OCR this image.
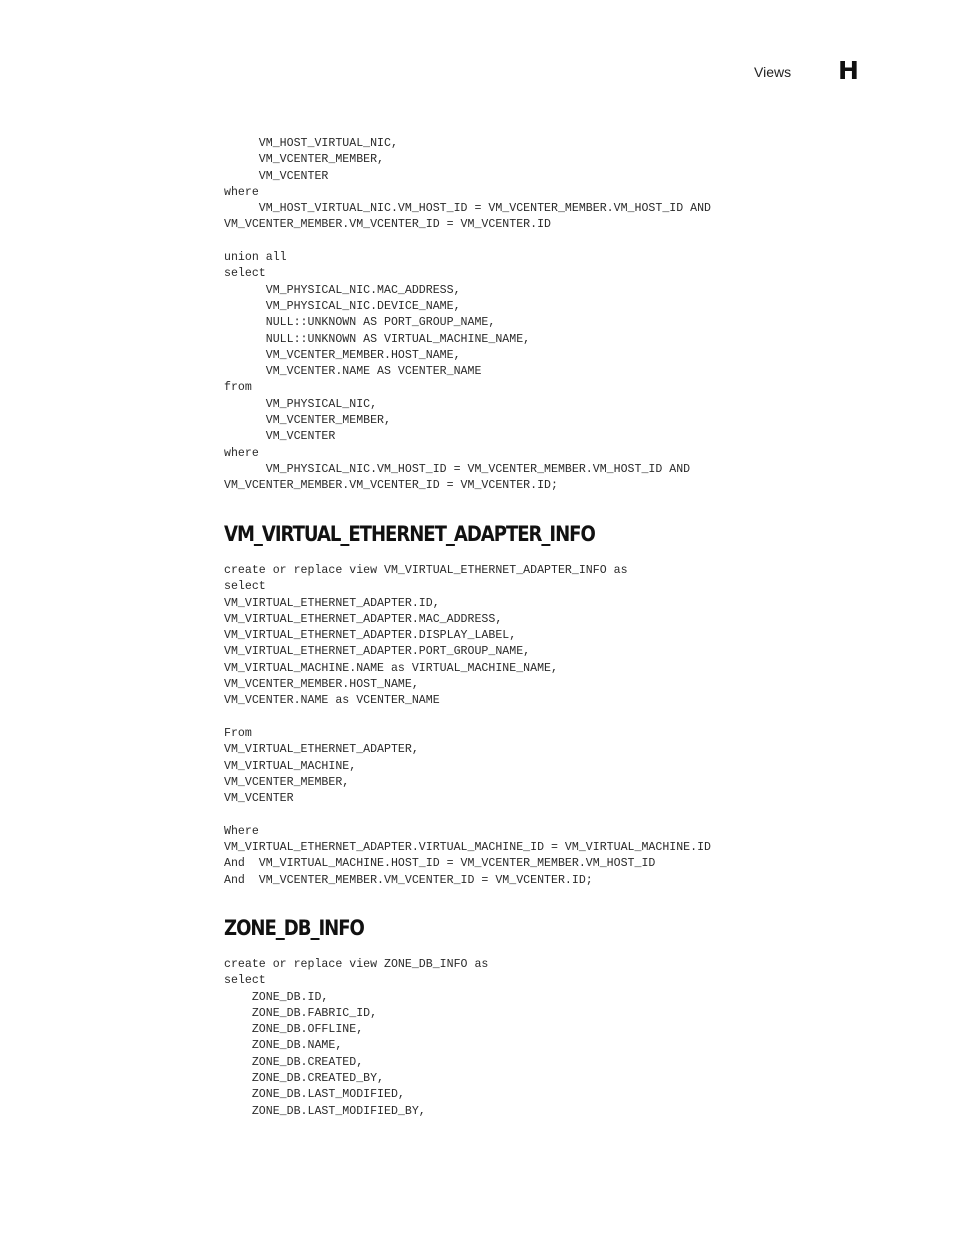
Views H
VM_HOST_VIRTUAL_NIC,
VM_VCENTER_MEMBER,
VM_VCENTER
where
VM_HOST_VIRTUAL_NIC.VM_HOST_ID = VM_VCENTER_MEMBER.VM_HOST_ID AND
VM_VCENTER_MEMBER.VM_VCENTER_ID = VM_VCENTER.ID

union all
select
VM_PHYSICAL_NIC.MAC_ADDRESS,
VM_PHYSICAL_NIC.DEVICE_NAME,
NULL::UNKNOWN AS PORT_GROUP_NAME,
NULL::UNKNOWN AS VIRTUAL_MACHINE_NAME,
VM_VCENTER_MEMBER.HOST_NAME,
VM_VCENTER.NAME AS VCENTER_NAME
from
VM_PHYSICAL_NIC,
VM_VCENTER_MEMBER,
VM_VCENTER
where
VM_PHYSICAL_NIC.VM_HOST_ID = VM_VCENTER_MEMBER.VM_HOST_ID AND
VM_VCENTER_MEMBER.VM_VCENTER_ID = VM_VCENTER.ID;
VM_VIRTUAL_ETHERNET_ADAPTER_INFO
create or replace view VM_VIRTUAL_ETHERNET_ADAPTER_INFO as
select
VM_VIRTUAL_ETHERNET_ADAPTER.ID,
VM_VIRTUAL_ETHERNET_ADAPTER.MAC_ADDRESS,
VM_VIRTUAL_ETHERNET_ADAPTER.DISPLAY_LABEL,
VM_VIRTUAL_ETHERNET_ADAPTER.PORT_GROUP_NAME,
VM_VIRTUAL_MACHINE.NAME as VIRTUAL_MACHINE_NAME,
VM_VCENTER_MEMBER.HOST_NAME,
VM_VCENTER.NAME as VCENTER_NAME

From
VM_VIRTUAL_ETHERNET_ADAPTER,
VM_VIRTUAL_MACHINE,
VM_VCENTER_MEMBER,
VM_VCENTER

Where
VM_VIRTUAL_ETHERNET_ADAPTER.VIRTUAL_MACHINE_ID = VM_VIRTUAL_MACHINE.ID
And  VM_VIRTUAL_MACHINE.HOST_ID = VM_VCENTER_MEMBER.VM_HOST_ID
And  VM_VCENTER_MEMBER.VM_VCENTER_ID = VM_VCENTER.ID;
ZONE_DB_INFO
create or replace view ZONE_DB_INFO as
select
ZONE_DB.ID,
ZONE_DB.FABRIC_ID,
ZONE_DB.OFFLINE,
ZONE_DB.NAME,
ZONE_DB.CREATED,
ZONE_DB.CREATED_BY,
ZONE_DB.LAST_MODIFIED,
ZONE_DB.LAST_MODIFIED_BY,
